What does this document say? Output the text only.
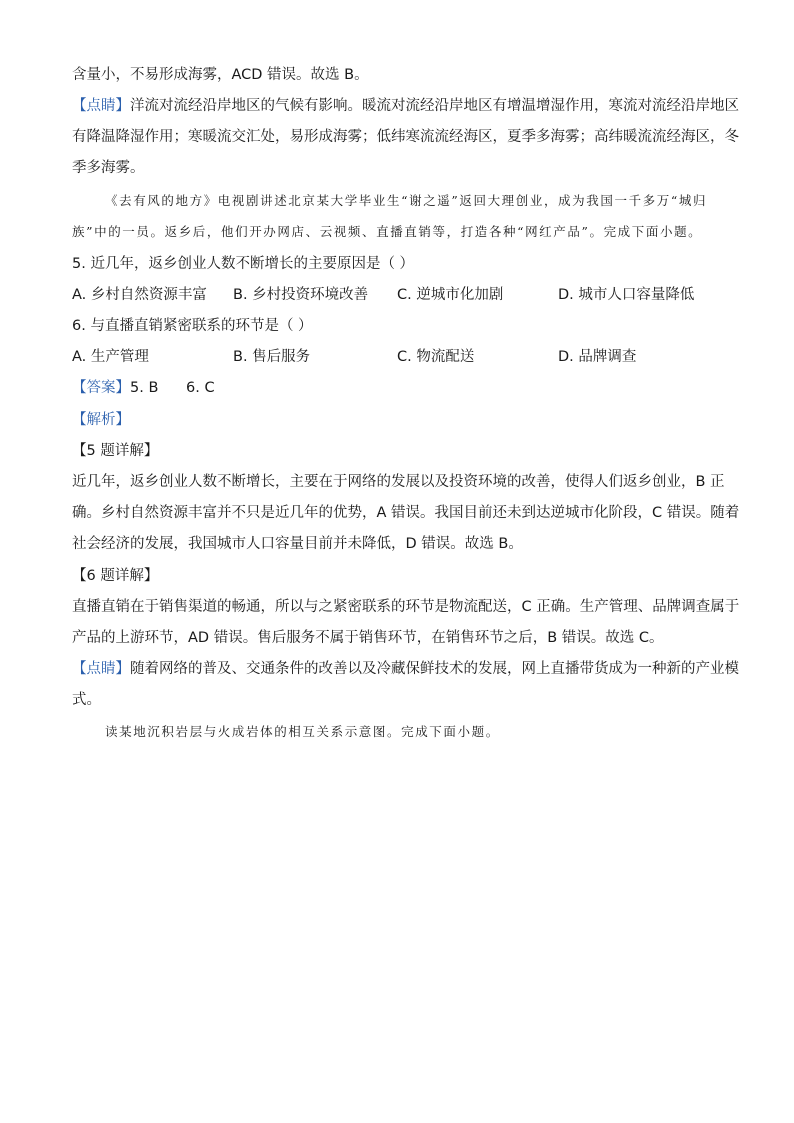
含量小，不易形成海雾，ACD 错误。故选 B。
【点睛】洋流对流经沿岸地区的气候有影响。暖流对流经沿岸地区有增温增湿作用，寒流对流经沿岸地区
有降温降湿作用；寒暖流交汇处，易形成海雾；低纬寒流流经海区，夏季多海雾；高纬暖流流经海区，冬
季多海雾。
《去有风的地方》电视剧讲述北京某大学毕业生“谢之遥”返回大理创业，成为我国一千多万“城归
族”中的一员。返乡后，他们开办网店、云视频、直播直销等，打造各种“网红产品”。完成下面小题。
5. 近几年，返乡创业人数不断增长的主要原因是（ ）
A. 乡村自然资源丰富 B. 乡村投资环境改善 C. 逆城市化加剧	D. 城市人口容量降低
6. 与直播直销紧密联系的环节是（ ）
A. 生产管理	B. 售后服务	C. 物流配送	D. 品牌调查
【答案】5. B      6. C
【解析】
【5 题详解】
近几年，返乡创业人数不断增长，主要在于网络的发展以及投资环境的改善，使得人们返乡创业，B 正
确。乡村自然资源丰富并不只是近几年的优势，A 错误。我国目前还未到达逆城市化阶段，C 错误。随着
社会经济的发展，我国城市人口容量目前并未降低，D 错误。故选 B。
【6 题详解】
直播直销在于销售渠道的畅通，所以与之紧密联系的环节是物流配送，C 正确。生产管理、品牌调查属于
产品的上游环节，AD 错误。售后服务不属于销售环节，在销售环节之后，B 错误。故选 C。
【点睛】随着网络的普及、交通条件的改善以及冷藏保鲜技术的发展，网上直播带货成为一种新的产业模
式。
读某地沉积岩层与火成岩体的相互关系示意图。完成下面小题。
